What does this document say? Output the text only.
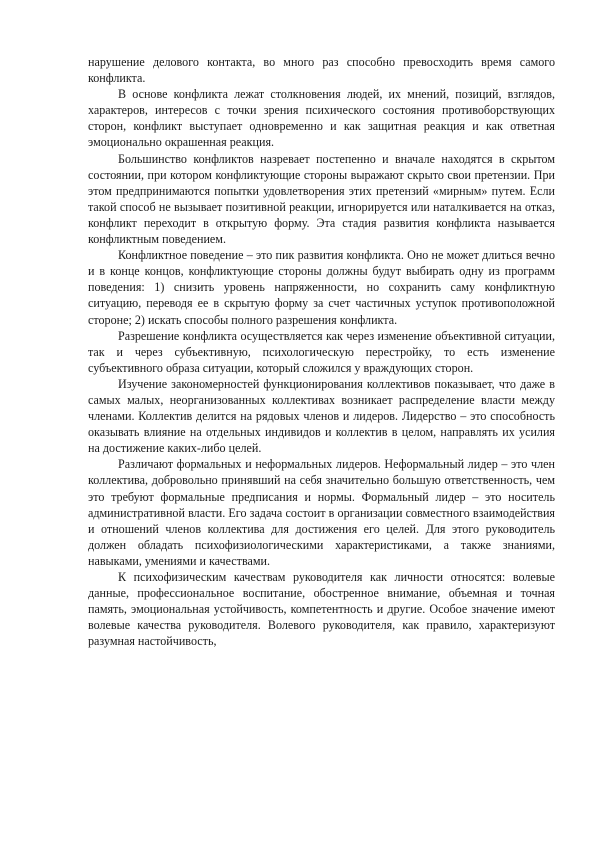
нарушение делового контакта, во много раз способно превосходить время самого конфликта.

В основе конфликта лежат столкновения людей, их мнений, позиций, взглядов, характеров, интересов с точки зрения психического состояния противоборствующих сторон, конфликт выступает одновременно и как защитная реакция и как ответная эмоционально окрашенная реакция.

Большинство конфликтов назревает постепенно и вначале находятся в скрытом состоянии, при котором конфликтующие стороны выражают скрыто свои претензии. При этом предпринимаются попытки удовлетворения этих претензий «мирным» путем. Если такой способ не вызывает позитивной реакции, игнорируется или наталкивается на отказ, конфликт переходит в открытую форму. Эта стадия развития конфликта называется конфликтным поведением.

Конфликтное поведение – это пик развития конфликта. Оно не может длиться вечно и в конце концов, конфликтующие стороны должны будут выбирать одну из программ поведения: 1) снизить уровень напряженности, но сохранить саму конфликтную ситуацию, переводя ее в скрытую форму за счет частичных уступок противоположной стороне; 2) искать способы полного разрешения конфликта.

Разрешение конфликта осуществляется как через изменение объективной ситуации, так и через субъективную, психологическую перестройку, то есть изменение субъективного образа ситуации, который сложился у враждующих сторон.

Изучение закономерностей функционирования коллективов показывает, что даже в самых малых, неорганизованных коллективах возникает распределение власти между членами. Коллектив делится на рядовых членов и лидеров. Лидерство – это способность оказывать влияние на отдельных индивидов и коллектив в целом, направлять их усилия на достижение каких-либо целей.

Различают формальных и неформальных лидеров. Неформальный лидер – это член коллектива, добровольно принявший на себя значительно большую ответственность, чем это требуют формальные предписания и нормы. Формальный лидер – это носитель административной власти. Его задача состоит в организации совместного взаимодействия и отношений членов коллектива для достижения его целей. Для этого руководитель должен обладать психофизиологическими характеристиками, а также знаниями, навыками, умениями и качествами.

К психофизическим качествам руководителя как личности относятся: волевые данные, профессиональное воспитание, обостренное внимание, объемная и точная память, эмоциональная устойчивость, компетентность и другие. Особое значение имеют волевые качества руководителя. Волевого руководителя, как правило, характеризуют разумная настойчивость,
